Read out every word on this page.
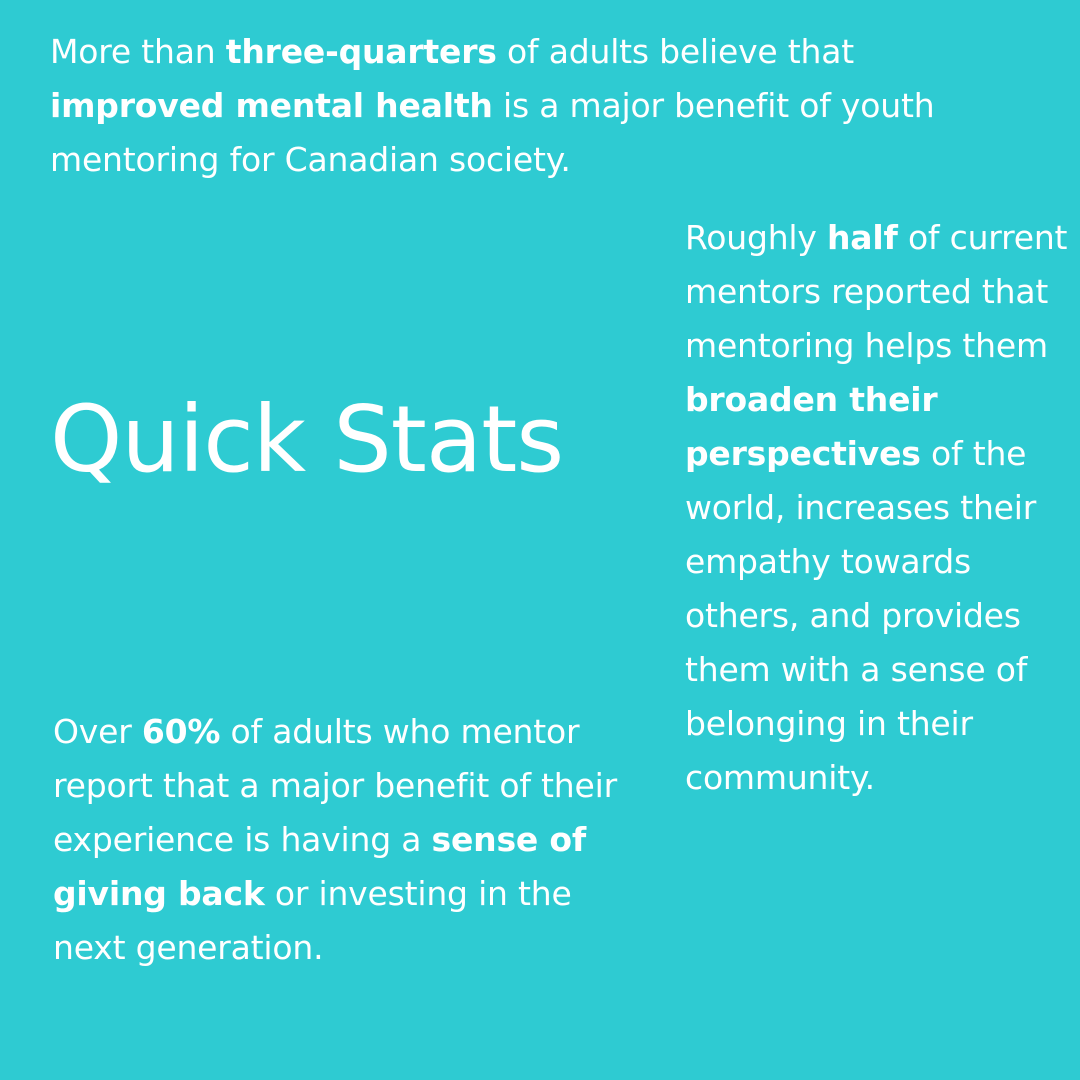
More than three-quarters of adults believe that
improved mental health is a major benefit of youth mentoring for Canadian society.

Quick Stats

Roughly half of current mentors reported that mentoring helps them broaden their perspectives of the world, increases their empathy towards others, and provides them with a sense of belonging in their community.

Over 60% of adults who mentor report that a major benefit of their experience is having a sense of giving back or investing in the next generation.
